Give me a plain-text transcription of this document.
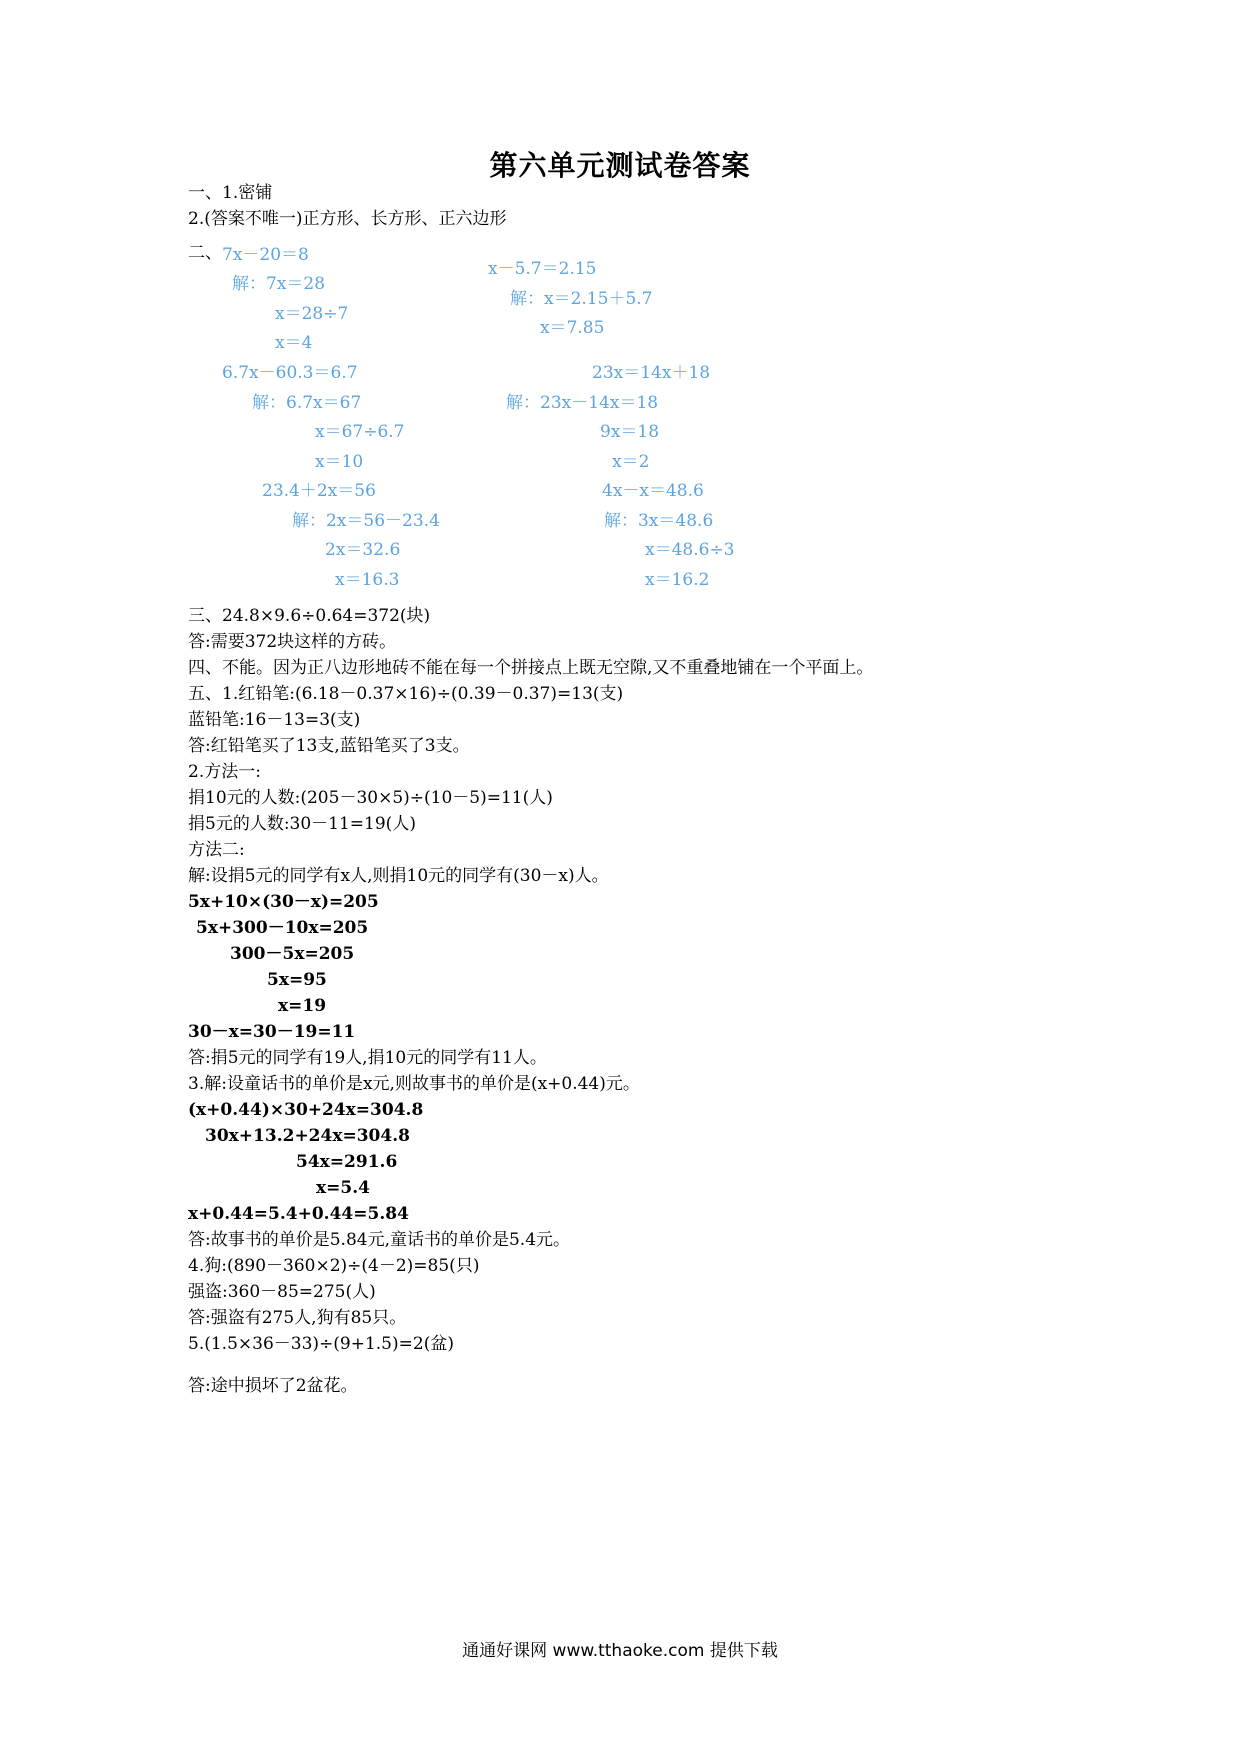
第六单元测试卷答案
一、1.密铺
2.(答案不唯一)正方形、长方形、正六边形
二、 7x－20＝8
解：7x＝28
x＝28÷7
x＝4
x－5.7＝2.15
解：x＝2.15＋5.7
x＝7.85
6.7x－60.3＝6.7
解：6.7x＝67
x＝67÷6.7
x＝10
23x＝14x＋18
解：23x－14x＝18
9x＝18
x＝2
23.4＋2x＝56
解：2x＝56－23.4
2x＝32.6
x＝16.3
4x－x＝48.6
解：3x＝48.6
x＝48.6÷3
x＝16.2
三、24.8×9.6÷0.64=372(块)
答:需要372块这样的方砖。
四、不能。因为正八边形地砖不能在每一个拼接点上既无空隙,又不重叠地铺在一个平面上。
五、1.红铅笔:(6.18－0.37×16)÷(0.39－0.37)=13(支)
蓝铅笔:16－13=3(支)
答:红铅笔买了13支,蓝铅笔买了3支。
2.方法一:
捐10元的人数:(205－30×5)÷(10－5)=11(人)
捐5元的人数:30－11=19(人)
方法二:
解:设捐5元的同学有x人,则捐10元的同学有(30－x)人。
5x+10×(30－x)=205
5x+300－10x=205
300－5x=205
5x=95
x=19
30－x=30－19=11
答:捐5元的同学有19人,捐10元的同学有11人。
3.解:设童话书的单价是x元,则故事书的单价是(x+0.44)元。
(x+0.44)×30+24x=304.8
30x+13.2+24x=304.8
54x=291.6
x=5.4
x+0.44=5.4+0.44=5.84
答:故事书的单价是5.84元,童话书的单价是5.4元。
4.狗:(890－360×2)÷(4－2)=85(只)
强盗:360－85=275(人)
答:强盗有275人,狗有85只。
5.(1.5×36－33)÷(9+1.5)=2(盆)
答:途中损坏了2盆花。
通通好课网 www.tthaoke.com 提供下载
